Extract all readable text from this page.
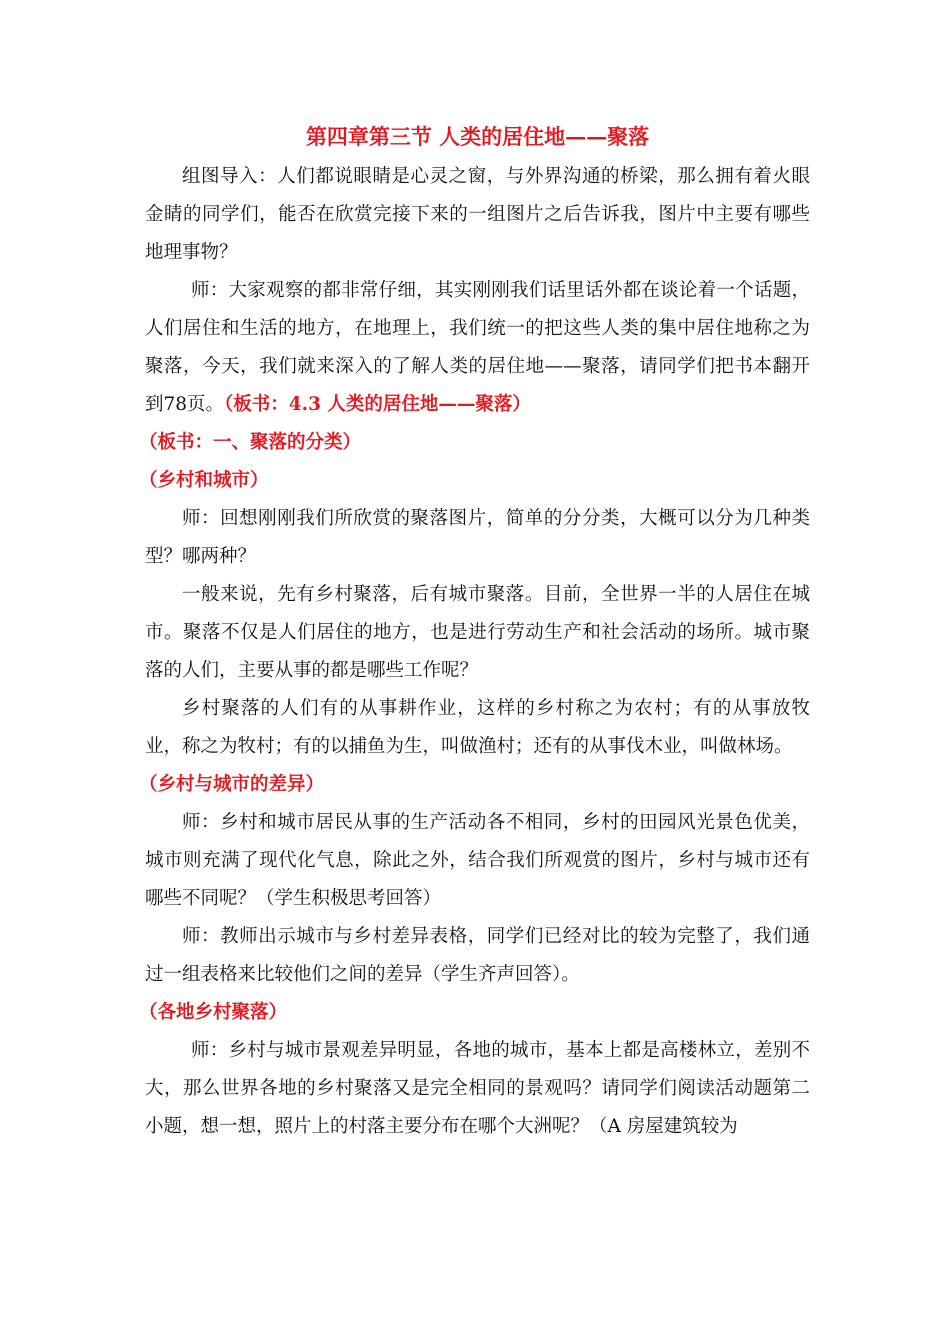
第四章第三节 人类的居住地——聚落

组图导入：人们都说眼睛是心灵之窗，与外界沟通的桥梁，那么拥有着火眼金睛的同学们，能否在欣赏完接下来的一组图片之后告诉我，图片中主要有哪些地理事物？

师：大家观察的都非常仔细，其实刚刚我们话里话外都在谈论着一个话题，人们居住和生活的地方，在地理上，我们统一的把这些人类的集中居住地称之为聚落，今天，我们就来深入的了解人类的居住地——聚落，请同学们把书本翻开到78页。（板书：4.3 人类的居住地——聚落）

（板书：一、聚落的分类）

（乡村和城市）

师：回想刚刚我们所欣赏的聚落图片，简单的分分类，大概可以分为几种类型？哪两种？

一般来说，先有乡村聚落，后有城市聚落。目前，全世界一半的人居住在城市。聚落不仅是人们居住的地方，也是进行劳动生产和社会活动的场所。城市聚落的人们，主要从事的都是哪些工作呢？

乡村聚落的人们有的从事耕作业，这样的乡村称之为农村；有的从事放牧业，称之为牧村；有的以捕鱼为生，叫做渔村；还有的从事伐木业，叫做林场。

（乡村与城市的差异）

师：乡村和城市居民从事的生产活动各不相同，乡村的田园风光景色优美，城市则充满了现代化气息，除此之外，结合我们所观赏的图片，乡村与城市还有哪些不同呢？（学生积极思考回答）

师：教师出示城市与乡村差异表格，同学们已经对比的较为完整了，我们通过一组表格来比较他们之间的差异（学生齐声回答）。

（各地乡村聚落）

师：乡村与城市景观差异明显，各地的城市，基本上都是高楼林立，差别不大，那么世界各地的乡村聚落又是完全相同的景观吗？请同学们阅读活动题第二小题，想一想，照片上的村落主要分布在哪个大洲呢？（A 房屋建筑较为
